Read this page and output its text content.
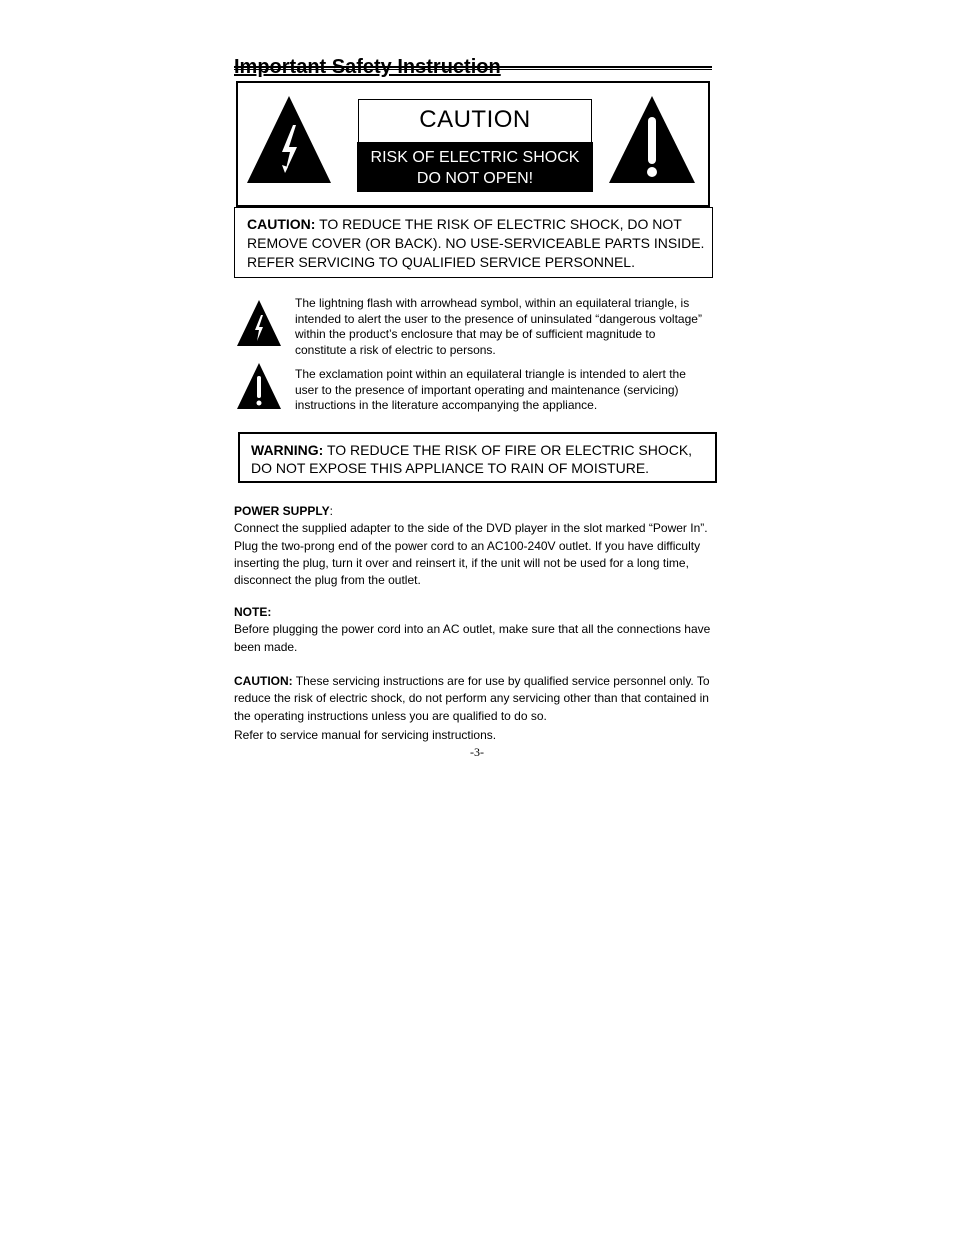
Important Safety Instruction
CAUTION
RISK OF ELECTRIC SHOCK
DO NOT OPEN!
CAUTION: TO REDUCE THE RISK OF ELECTRIC SHOCK, DO NOT REMOVE COVER (OR BACK). NO USE-SERVICEABLE PARTS INSIDE. REFER SERVICING TO QUALIFIED SERVICE PERSONNEL.
The lightning flash with arrowhead symbol, within an equilateral triangle, is intended to alert the user to the presence of uninsulated “dangerous voltage” within the product’s enclosure that may be of sufficient magnitude to constitute a risk of electric to persons.
The exclamation point within an equilateral triangle is intended to alert the user to the presence of important operating and maintenance (servicing) instructions in the literature accompanying the appliance.
WARNING: TO REDUCE THE RISK OF FIRE OR ELECTRIC SHOCK, DO NOT EXPOSE THIS APPLIANCE TO RAIN OF MOISTURE.

POWER SUPPLY:

Connect the supplied adapter to the side of the DVD player in the slot marked “Power In”. Plug the two-prong end of the power cord to an AC100-240V outlet. If you have difficulty inserting the plug, turn it over and reinsert it, if the unit will not be used for a long time, disconnect the plug from the outlet.

NOTE:

Before plugging the power cord into an AC outlet, make sure that all the connections have been made.

CAUTION: These servicing instructions are for use by qualified service personnel only. To reduce the risk of electric shock, do not perform any servicing other than that contained in the operating instructions unless you are qualified to do so.

Refer to service manual for servicing instructions.

-3-
